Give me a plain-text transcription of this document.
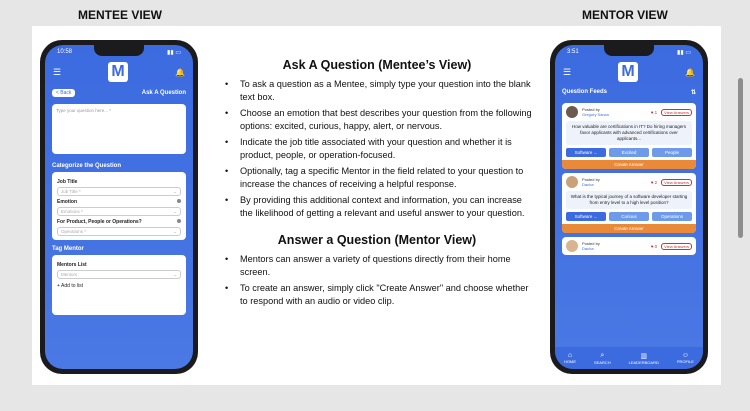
MENTEE VIEW	MENTOR VIEW
10:58	▮▮ ▭
☰	M	🔔
< Back	Ask A Question
Type your question here... *
Categorize the Question
Job Title
Job Title *	⌄
Emotion
Emotions *	⌄
For Product, People or Operations?
Operations *	⌄
Tag Mentor
Mentors List
Mentors	⌄
+ Add to list
Ask A Question (Mentee’s View)
• To ask a question as a Mentee, simply type your question into the blank text box.
• Choose an emotion that best describes your question from the following options: excited, curious, happy, alert, or nervous.
• Indicate the job title associated with your question and whether it is product, people, or operation-focused.
• Optionally, tag a specific Mentor in the field related to your question to increase the chances of receiving a helpful response.
• By providing this additional context and information, you can increase the likelihood of getting a relevant and useful answer to your question.
Answer a Question (Mentor View)
• Mentors can answer a variety of questions directly from their home screen.
• To create an answer, simply click "Create Answer" and choose whether to respond with an audio or video clip.
3:51	▮▮ ▭
☰	M	🔔
Question Feeds	⇅
Posted by
Gregory Sanon	♥ 1	View Answers
How valuable are certifications in IT? Do hiring managers favor applicants with advanced certifications over applicants...
Software ...	Excited	People
Create Answer
Posted by
Dacha	♥ 2	View Answers
What is the typical journey of a software developer starting from entry level to a high level position?
Software ...	Curious	Operations
Create Answer
Posted by
Dacha	♥ 0	View Answers
⌂
HOME
⌕
SEARCH
▥
LEADERBOARD
☺
PROFILE
